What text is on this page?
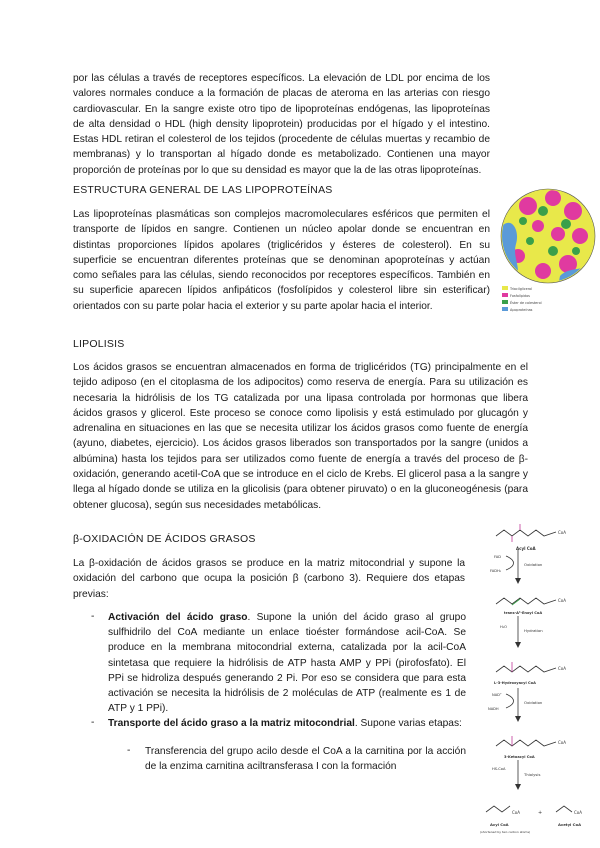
por las células a través de receptores específicos. La elevación de LDL por encima de los valores normales conduce a la formación de placas de ateroma en las arterias con riesgo cardiovascular. En la sangre existe otro tipo de lipoproteínas endógenas, las lipoproteínas de alta densidad o HDL (high density lipoprotein) producidas por el hígado y el intestino. Estas HDL retiran el colesterol de los tejidos (procedente de células muertas y recambio de membranas) y lo transportan al hígado donde es metabolizado. Contienen una mayor proporción de proteínas por lo que su densidad es mayor que la de las otras lipoproteínas.

ESTRUCTURA GENERAL DE LAS LIPOPROTEÍNAS

Las lipoproteínas plasmáticas son complejos macromoleculares esféricos que permiten el transporte de lípidos en sangre. Contienen un núcleo apolar donde se encuentran en distintas proporciones lípidos apolares (triglicéridos y ésteres de colesterol). En su superficie se encuentran diferentes proteínas que se denominan apoproteínas y actúan como señales para las células, siendo reconocidos por receptores específicos. También en su superficie aparecen lípidos anfipáticos (fosfolípidos y colesterol libre sin esterificar) orientados con su parte polar hacia el exterior y su parte apolar hacia el interior.

Triacilglicerol
Fosfolípidos
Éster de colesterol
Apoproteínas

LIPOLISIS

Los ácidos grasos se encuentran almacenados en forma de triglicéridos (TG) principalmente en el tejido adiposo (en el citoplasma de los adipocitos) como reserva de energía. Para su utilización es necesaria la hidrólisis de los TG catalizada por una lipasa controlada por hormonas que libera ácidos grasos y glicerol. Este proceso se conoce como lipolisis y está estimulado por glucagón y adrenalina en situaciones en las que se necesita utilizar los ácidos grasos como fuente de energía (ayuno, diabetes, ejercicio). Los ácidos grasos liberados son transportados por la sangre (unidos a albúmina) hasta los tejidos para ser utilizados como fuente de energía a través del proceso de β-oxidación, generando acetil-CoA que se introduce en el ciclo de Krebs. El glicerol pasa a la sangre y llega al hígado donde se utiliza en la glicolisis (para obtener piruvato) o en la gluconeogénesis (para obtener glucosa), según sus necesidades metabólicas.

β-OXIDACIÓN DE ÁCIDOS GRASOS

La β-oxidación de ácidos grasos se produce en la matriz mitocondrial y supone la oxidación del carbono que ocupa la posición β (carbono 3). Requiere dos etapas previas:

- Activación del ácido graso. Supone la unión del ácido graso al grupo sulfhidrilo del CoA mediante un enlace tioéster formándose acil-CoA. Se produce en la membrana mitocondrial externa, catalizada por la acil-CoA sintetasa que requiere la hidrólisis de ATP hasta AMP y PPi (pirofosfato). El PPi se hidroliza después generando 2 Pi. Por eso se considera que para esta activación se necesita la hidrólisis de 2 moléculas de ATP (realmente es 1 de ATP y 1 PPi).
- Transporte del ácido graso a la matriz mitocondrial. Supone varias etapas:
- Transferencia del grupo acilo desde el CoA a la carnitina por la acción de la enzima carnitina aciltransferasa I con la formación
Acyl CoA
CoA
FAD
FADH₂
Oxidation
trans-Δ²-Enoyl CoA
CoA
H₂O
Hydration
L-3-Hydroxyacyl CoA
CoA
NAD⁺
NADH
Oxidation
3-Ketoacyl CoA
CoA
HS-CoA
Thiolysis
CoA	+	CoA
Acyl CoA
(shortened by two carbon atoms)
Acetyl CoA
